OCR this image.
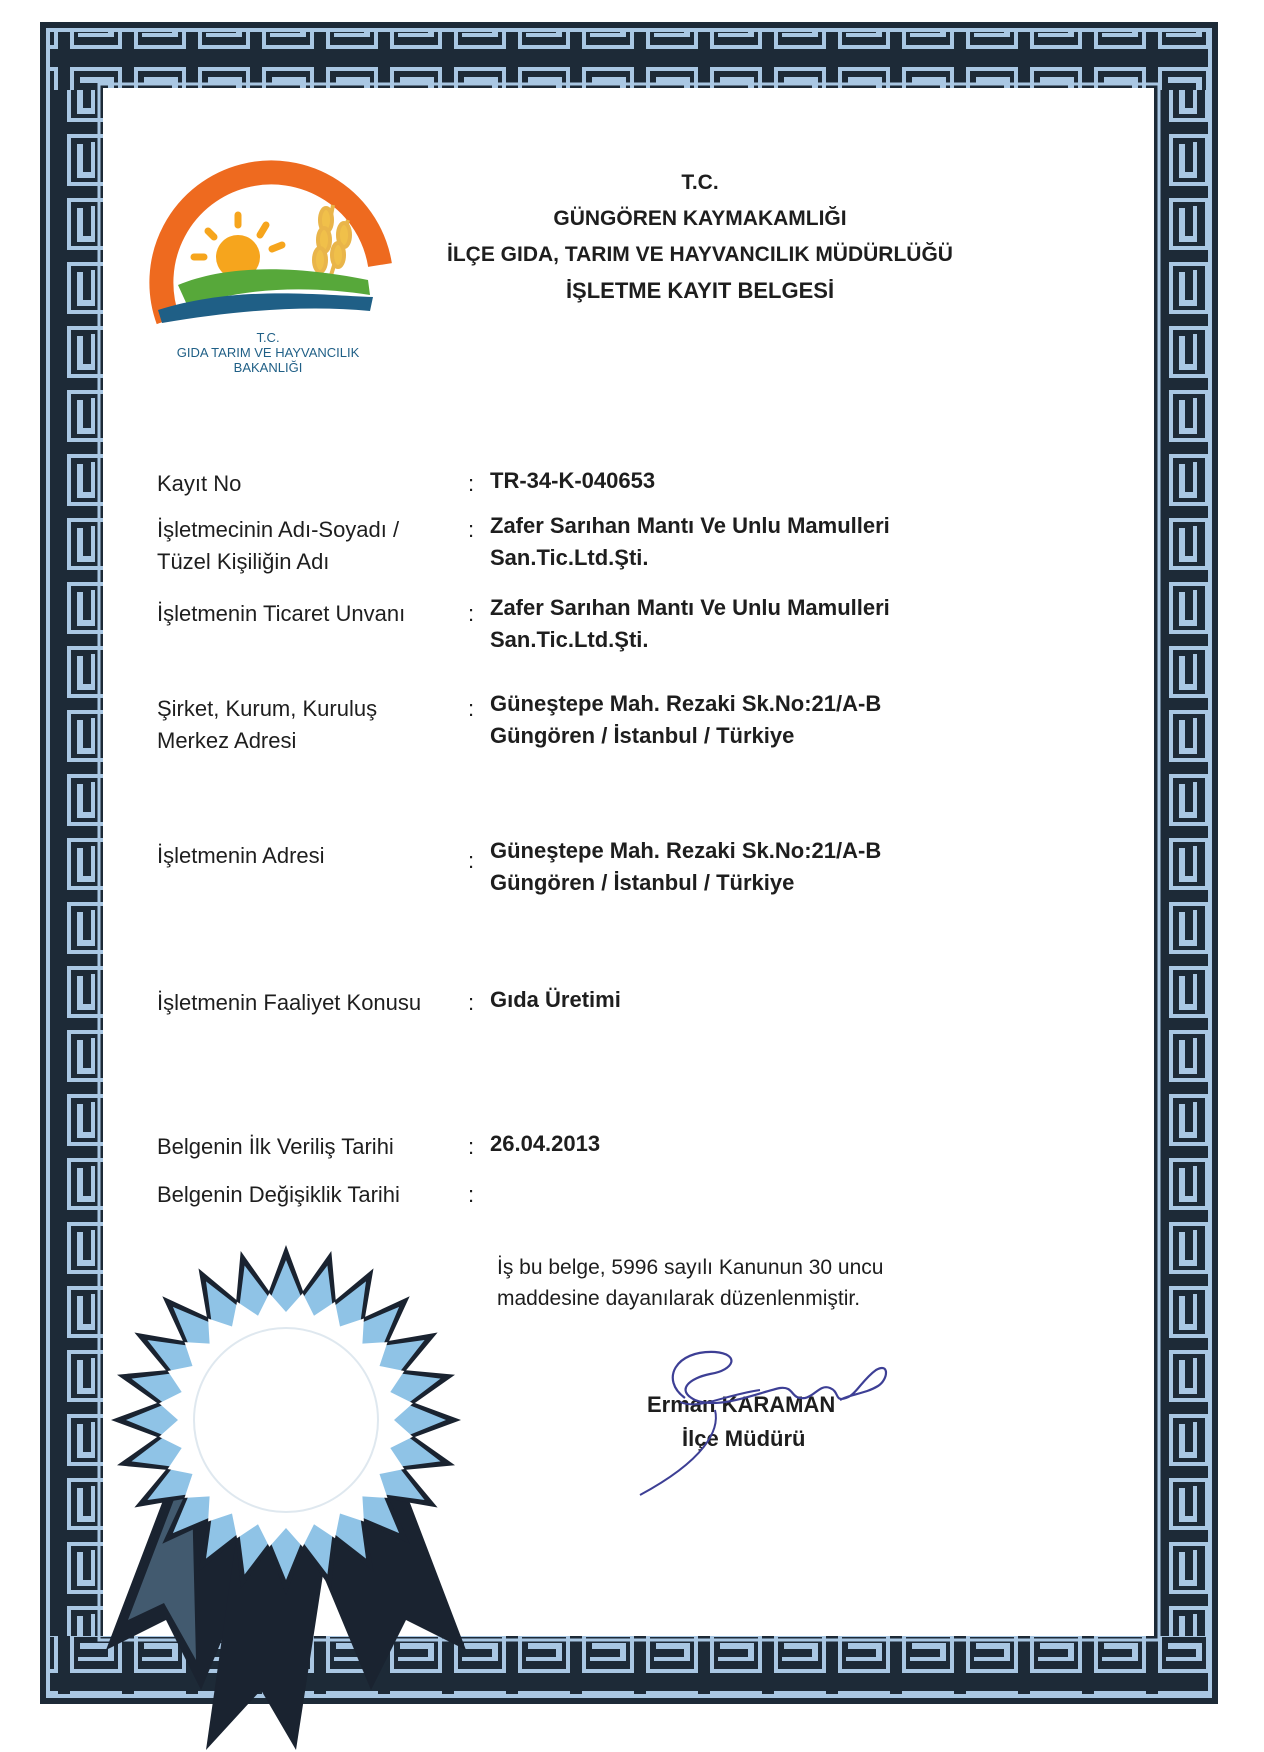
T.C.
GIDA TARIM VE HAYVANCILIK
BAKANLIĞI
T.C.
GÜNGÖREN KAYMAKAMLIĞI
İLÇE GIDA, TARIM VE HAYVANCILIK MÜDÜRLÜĞÜ
İŞLETME KAYIT BELGESİ
Kayıt No	: TR-34-K-040653
İşletmecinin Adı-Soyadı /
Tüzel Kişiliğin Adı
: Zafer Sarıhan Mantı Ve Unlu Mamulleri
San.Tic.Ltd.Şti.
İşletmenin Ticaret Unvanı	: Zafer Sarıhan Mantı Ve Unlu Mamulleri
San.Tic.Ltd.Şti.
Şirket, Kurum, Kuruluş
Merkez Adresi
: Güneştepe Mah. Rezaki Sk.No:21/A-B
Güngören / İstanbul / Türkiye
İşletmenin Adresi	: Güneştepe Mah. Rezaki Sk.No:21/A-B
Güngören / İstanbul / Türkiye
İşletmenin Faaliyet Konusu	: Gıda Üretimi
Belgenin İlk Veriliş Tarihi	: 26.04.2013
Belgenin Değişiklik Tarihi	:
İş bu belge, 5996 sayılı Kanunun 30 uncu
maddesine dayanılarak düzenlenmiştir.
Erman KARAMAN
İlçe Müdürü
